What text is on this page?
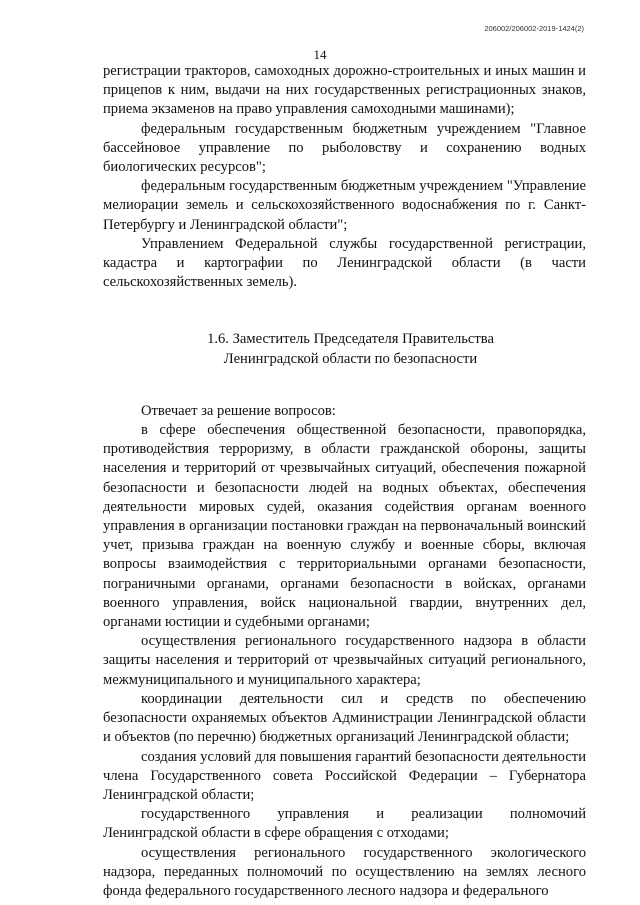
206002/206002-2019-1424(2)
14

регистрации тракторов, самоходных дорожно-строительных и иных машин и прицепов к ним, выдачи на них государственных регистрационных знаков, приема экзаменов на право управления самоходными машинами);

федеральным государственным бюджетным учреждением "Главное бассейновое управление по рыболовству и сохранению водных биологических ресурсов";

федеральным государственным бюджетным учреждением "Управление мелиорации земель и сельскохозяйственного водоснабжения по г. Санкт-Петербургу и Ленинградской области";

Управлением Федеральной службы государственной регистрации, кадастра и картографии по Ленинградской области (в части сельскохозяйственных земель).

1.6. Заместитель Председателя Правительства
Ленинградской области по безопасности

Отвечает за решение вопросов:

в сфере обеспечения общественной безопасности, правопорядка, противодействия терроризму, в области гражданской обороны, защиты населения и территорий от чрезвычайных ситуаций, обеспечения пожарной безопасности и безопасности людей на водных объектах, обеспечения деятельности мировых судей, оказания содействия органам военного управления в организации постановки граждан на первоначальный воинский учет, призыва граждан на военную службу и военные сборы, включая вопросы взаимодействия с территориальными органами безопасности, пограничными органами, органами безопасности в войсках, органами военного управления, войск национальной гвардии, внутренних дел, органами юстиции и судебными органами;

осуществления регионального государственного надзора в области защиты населения и территорий от чрезвычайных ситуаций регионального, межмуниципального и муниципального характера;

координации деятельности сил и средств по обеспечению безопасности охраняемых объектов Администрации Ленинградской области и объектов (по перечню) бюджетных организаций Ленинградской области;

создания условий для повышения гарантий безопасности деятельности члена Государственного совета Российской Федерации – Губернатора Ленинградской области;

государственного управления и реализации полномочий Ленинградской области в сфере обращения с отходами;

осуществления регионального государственного экологического надзора, переданных полномочий по осуществлению на землях лесного фонда федерального государственного лесного надзора и федерального
